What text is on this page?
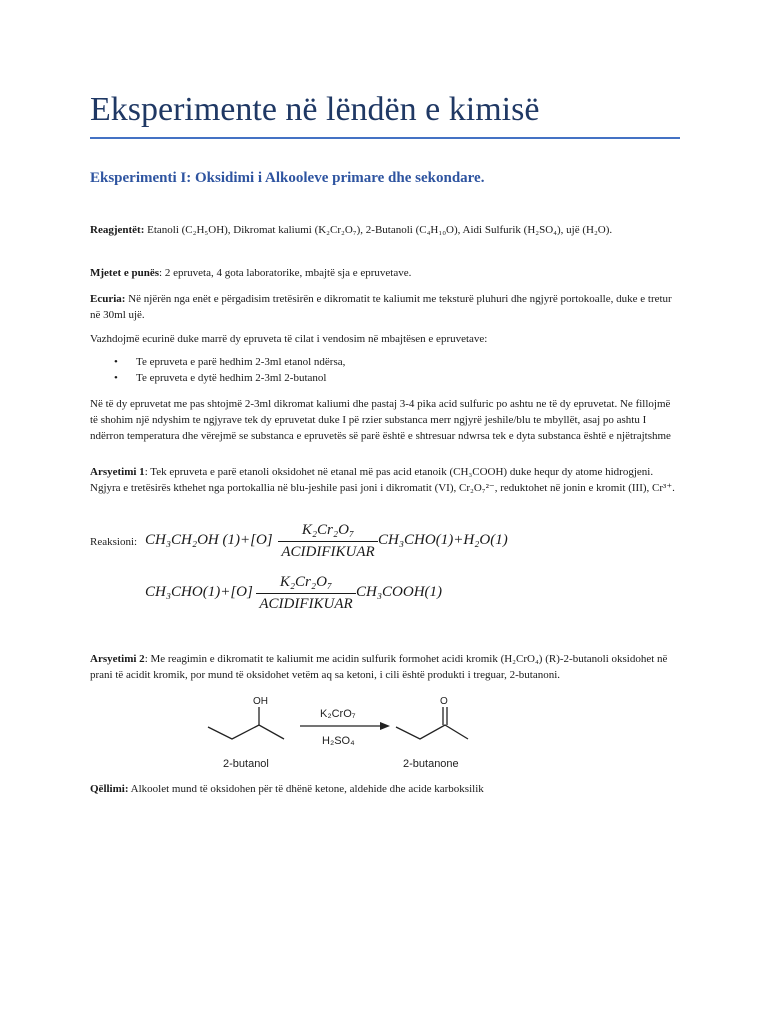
Eksperimente në lëndën e kimisë
Eksperimenti I: Oksidimi i Alkooleve primare dhe sekondare.
Reagjentët: Etanoli (C₂H₅OH), Dikromat kaliumi (K₂Cr₂O₇), 2-Butanoli (C₄H₁₀O), Aidi Sulfurik (H₂SO₄), ujë (H₂O).
Mjetet e punës: 2 epruveta, 4 gota laboratorike, mbajtë sja e epruvetave.
Ecuria: Në njërën nga enët e përgadisim tretësirën e dikromatit te kaliumit me teksturë pluhuri dhe ngjyrë portokoalle, duke e tretur në 30ml ujë.
Vazhdojmë ecurinë duke marrë dy epruveta të cilat i vendosim në mbajtësen e epruvetave:
• Te epruveta e parë hedhim 2-3ml etanol ndërsa,
• Te epruveta e dytë hedhim 2-3ml 2-butanol
Në të dy epruvetat me pas shtojmë 2-3ml dikromat kaliumi dhe pastaj 3-4 pika acid sulfuric po ashtu ne të dy epruvetat. Ne fillojmë të shohim një ndyshim te ngjyrave tek dy epruvetat duke I pë rzier substanca merr ngjyrë jeshile/blu te mbyllët, asaj po ashtu I ndërron temperatura dhe vërejmë se substanca e epruvetës së parë është e shtresuar ndwrsa tek e dyta substanca është e njëtrajtshme
Arsyetimi 1: Tek epruveta e parë etanoli oksidohet në etanal më pas acid etanoik (CH₃COOH) duke hequr dy atome hidrogjeni. Ngjyra e tretësirës kthehet nga portokallia në blu-jeshile pasi joni i dikromatit (VI), Cr₂O₇²⁻, reduktohet në jonin e kromit (III), Cr³⁺.
Reaksioni: CH₃CH₂OH (1)+[O]
K₂Cr₂O₇
ACIDIFIKUAR
CH₃CHO(1)+H₂O(1)
CH₃CHO(1)+[O]
K₂Cr₂O₇
ACIDIFIKUAR
CH₃COOH(1)
Arsyetimi 2: Me reagimin e dikromatit te kaliumit me acidin sulfurik formohet acidi kromik (H₂CrO₄) (R)-2-butanoli oksidohet në prani të acidit kromik, por mund të oksidohet vetëm aq sa ketoni, i cili është produkti i treguar, 2-butanoni.
OH	O
K₂CrO₇
H₂SO₄
2-butanol	2-butanone
Qëllimi: Alkoolet mund të oksidohen për të dhënë ketone, aldehide dhe acide karboksilik
